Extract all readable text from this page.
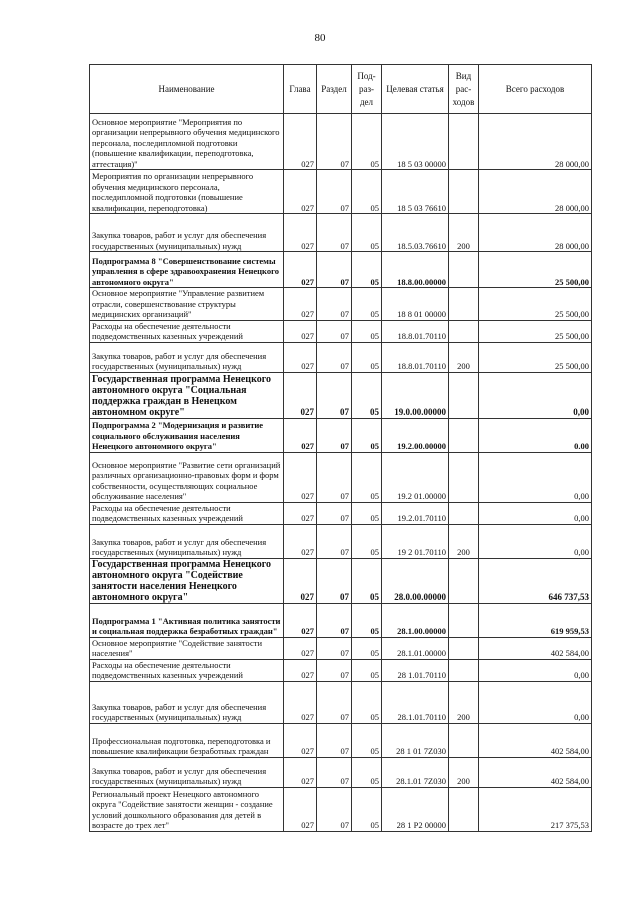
80
Наименование	Глава	Раздел	Под-раз-дел	Целевая статья	Вид рас-ходов	Всего расходов
Основное мероприятие "Мероприятия по организации непрерывного обучения медицинского персонала, последипломной подготовки (повышение квалификации, переподготовка, аттестация)"	027	07	05	18 5 03 00000		28 000,00
Мероприятия по организации непрерывного обучения медицинского персонала, последипломной подготовки (повышение квалификации, переподготовка)	027	07	05	18 5 03 76610		28 000,00
Закупка товаров, работ и услуг для обеспечения государственных (муниципальных) нужд	027	07	05	18.5.03.76610	200	28 000,00
Подпрограмма 8 "Совершенствование системы управления в сфере здравоохранения Ненецкого автономного округа"	027	07	05	18.8.00.00000		25 500,00
Основное мероприятие "Управление развитием отрасли, совершенствование структуры медицинских организаций"	027	07	05	18 8 01 00000		25 500,00
Расходы на обеспечение деятельности подведомственных казенных учреждений	027	07	05	18.8.01.70110		25 500,00
Закупка товаров, работ и услуг для обеспечения государственных (муниципальных) нужд	027	07	05	18.8.01.70110	200	25 500,00
Государственная программа Ненецкого автономного округа "Социальная поддержка граждан в Ненецком автономном округе"	027	07	05	19.0.00.00000		0,00
Подпрограмма 2 "Модернизация и развитие социального обслуживания населения Ненецкого автономного округа"	027	07	05	19.2.00.00000		0.00
Основное мероприятие "Развитие сети организаций различных организационно-правовых форм и форм собственности, осуществляющих социальное обслуживание населения"	027	07	05	19.2 01.00000		0,00
Расходы на обеспечение деятельности подведомственных казенных учреждений	027	07	05	19.2.01.70110		0,00
Закупка товаров, работ и услуг для обеспечения государственных (муниципальных) нужд	027	07	05	19 2 01.70110	200	0,00
Государственная программа Ненецкого автономного округа "Содействие занятости населения Ненецкого автономного округа"	027	07	05	28.0.00.00000		646 737,53
Подпрограмма 1 "Активная политика занятости и социальная поддержка безработных граждан"	027	07	05	28.1.00.00000		619 959,53
Основное мероприятие "Содействие занятости населения"	027	07	05	28.1.01.00000		402 584,00
Расходы на обеспечение деятельности подведомственных казенных учреждений	027	07	05	28 1.01.70110		0,00
Закупка товаров, работ и услуг для обеспечения государственных (муниципальных) нужд	027	07	05	28.1.01.70110	200	0,00
Профессиональная подготовка, переподготовка и повышение квалификации безработных граждан	027	07	05	28 1 01 7Z030		402 584,00
Закупка товаров, работ и услуг для обеспечения государственных (муниципальных) нужд	027	07	05	28.1.01 7Z030	200	402 584,00
Региональный проект Ненецкого автономного округа "Содействие занятости женщин - создание условий дошкольного образования для детей в возрасте до трех лет"	027	07	05	28 1 P2 00000		217 375,53
